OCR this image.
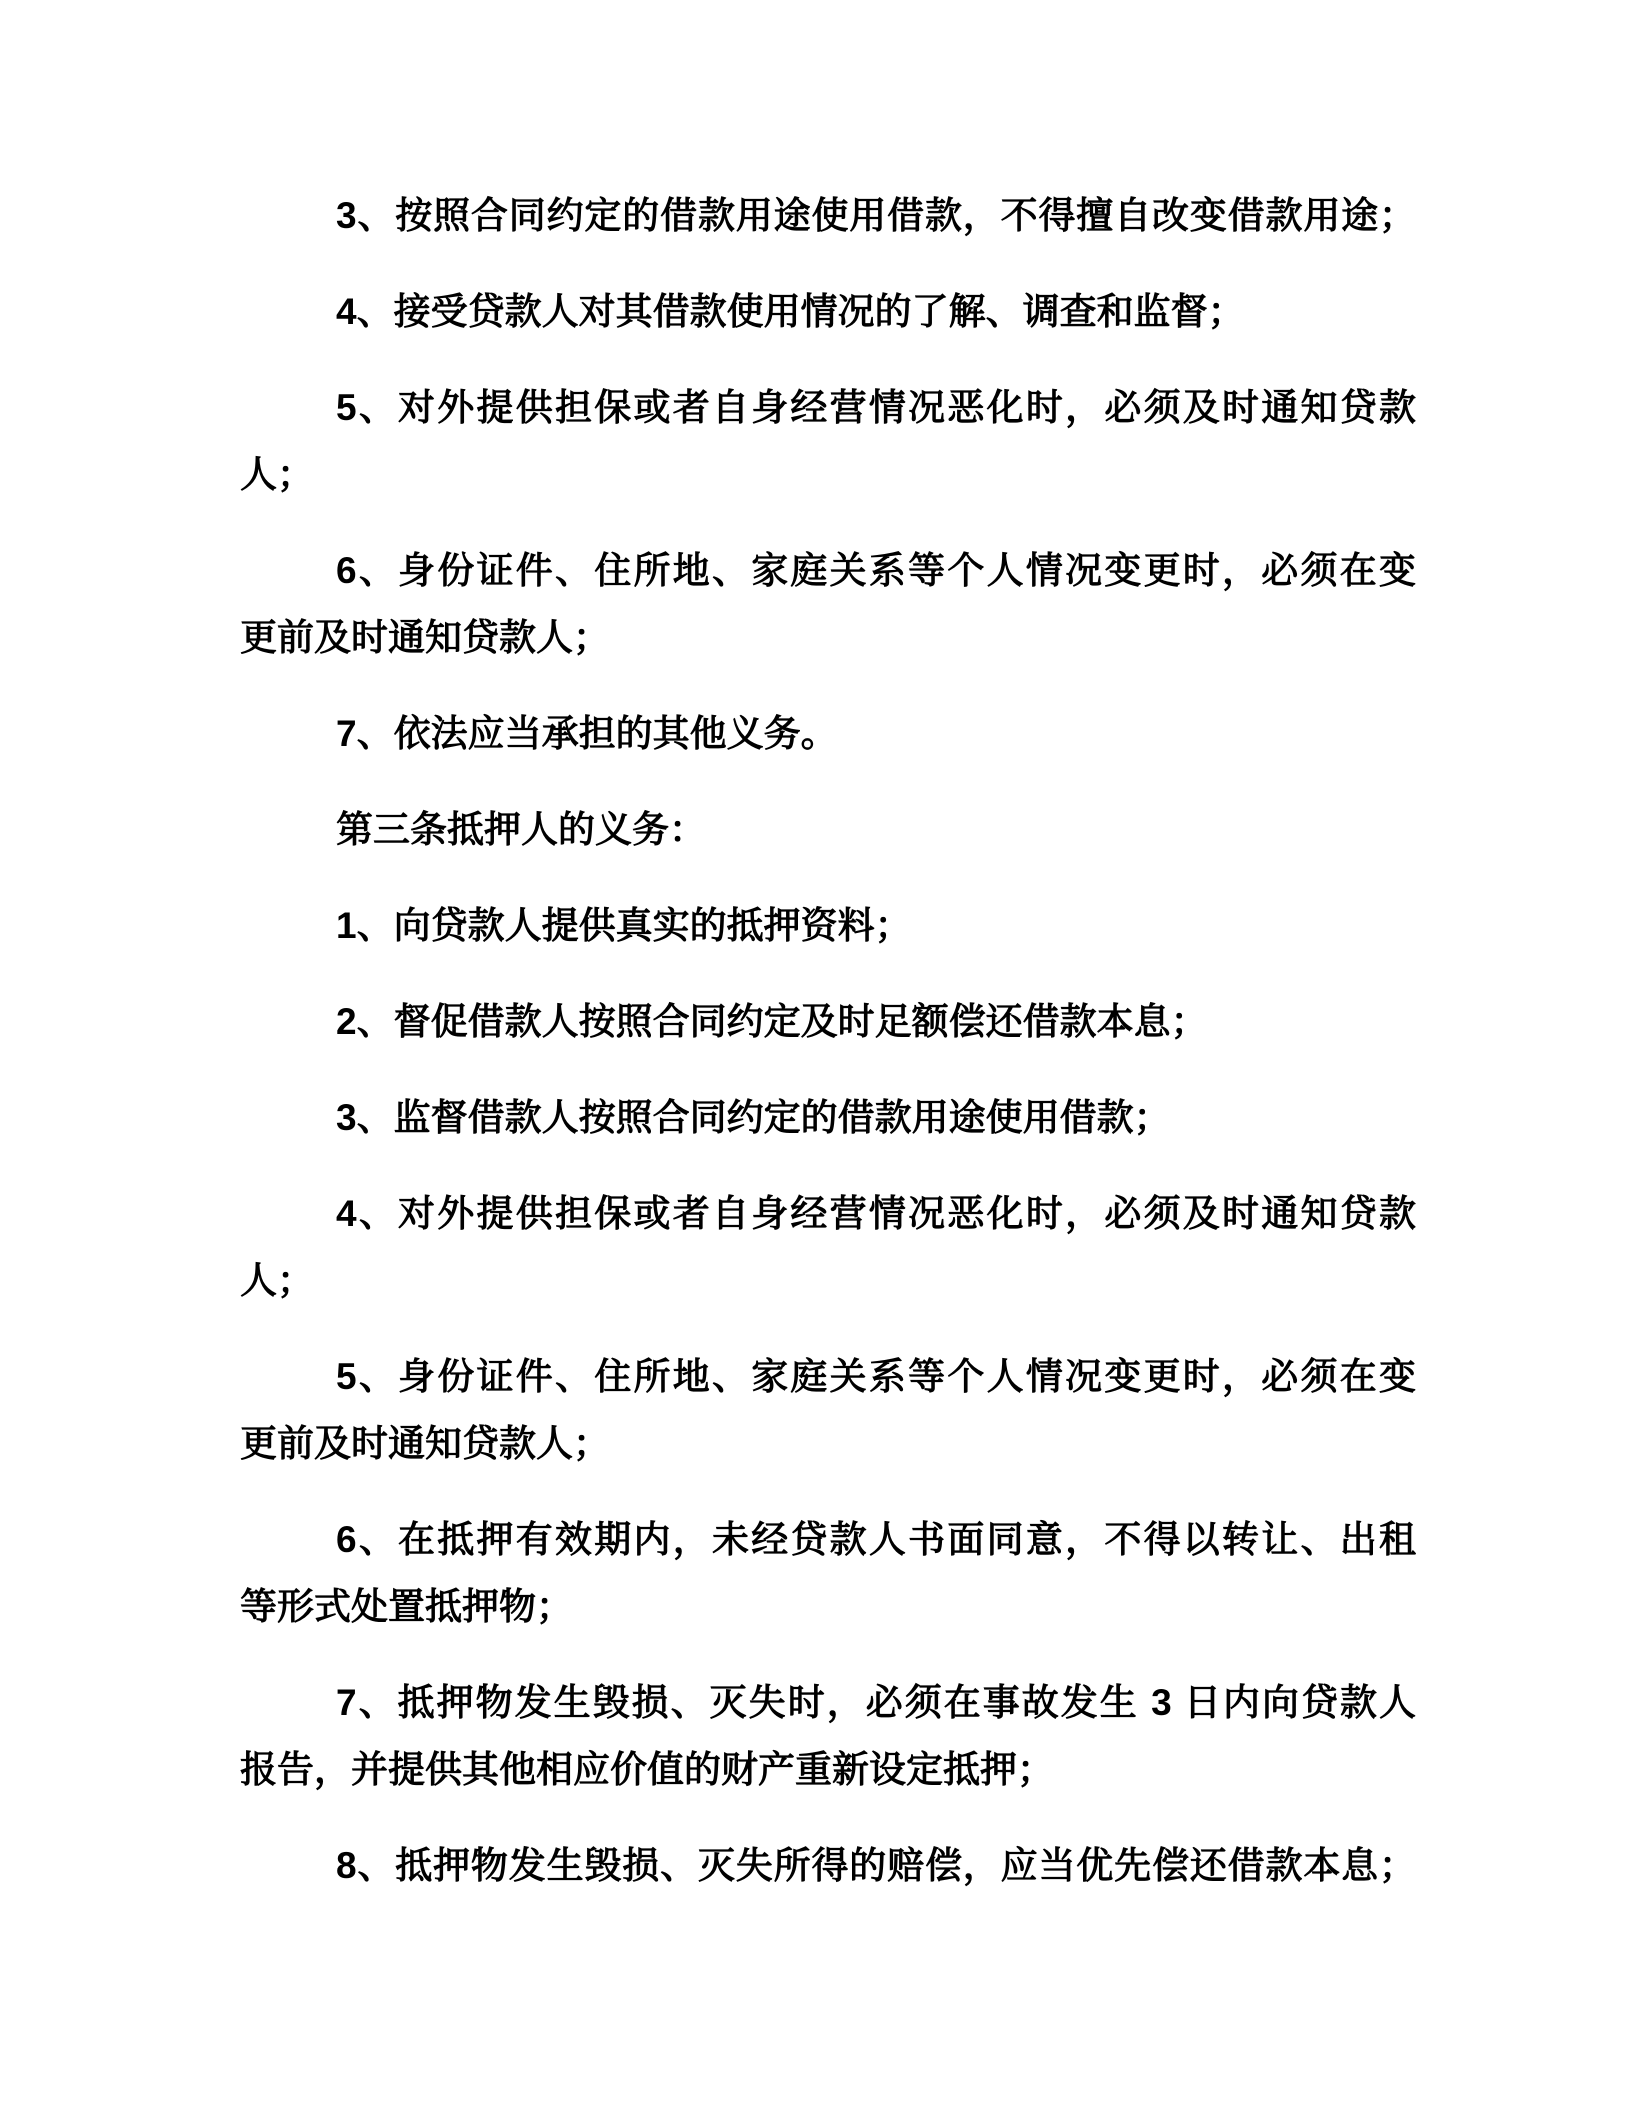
3、按照合同约定的借款用途使用借款，不得擅自改变借款用途；
4、接受贷款人对其借款使用情况的了解、调查和监督；
5、对外提供担保或者自身经营情况恶化时，必须及时通知贷款
人；
6、身份证件、住所地、家庭关系等个人情况变更时，必须在变
更前及时通知贷款人；
7、依法应当承担的其他义务。
第三条抵押人的义务：
1、向贷款人提供真实的抵押资料；
2、督促借款人按照合同约定及时足额偿还借款本息；
3、监督借款人按照合同约定的借款用途使用借款；
4、对外提供担保或者自身经营情况恶化时，必须及时通知贷款
人；
5、身份证件、住所地、家庭关系等个人情况变更时，必须在变
更前及时通知贷款人；
6、在抵押有效期内，未经贷款人书面同意，不得以转让、出租
等形式处置抵押物；
7、抵押物发生毁损、灭失时，必须在事故发生 3 日内向贷款人
报告，并提供其他相应价值的财产重新设定抵押；
8、抵押物发生毁损、灭失所得的赔偿，应当优先偿还借款本息；
